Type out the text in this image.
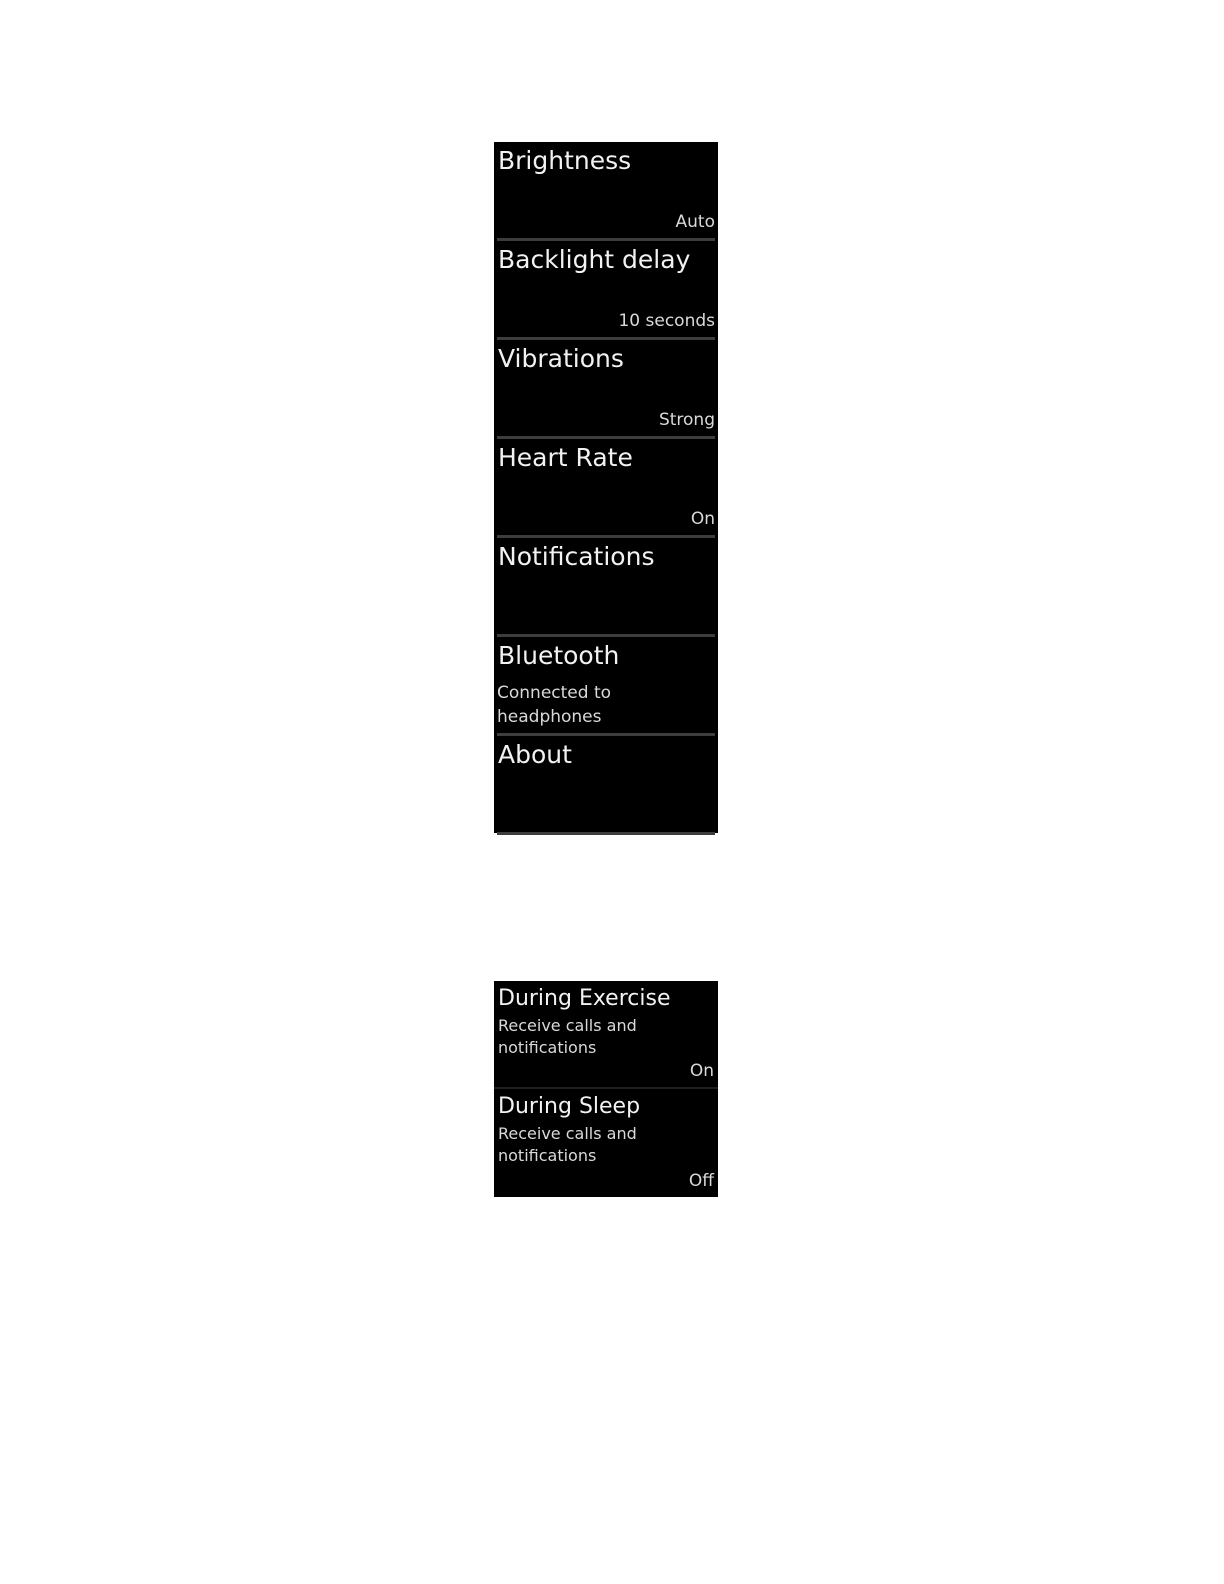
Brightness
Auto
Backlight delay
10 seconds
Vibrations
Strong
Heart Rate
On
Notifications
Bluetooth
Connected to headphones
About
During Exercise
Receive calls and notifications
On
During Sleep
Receive calls and notifications
Off
